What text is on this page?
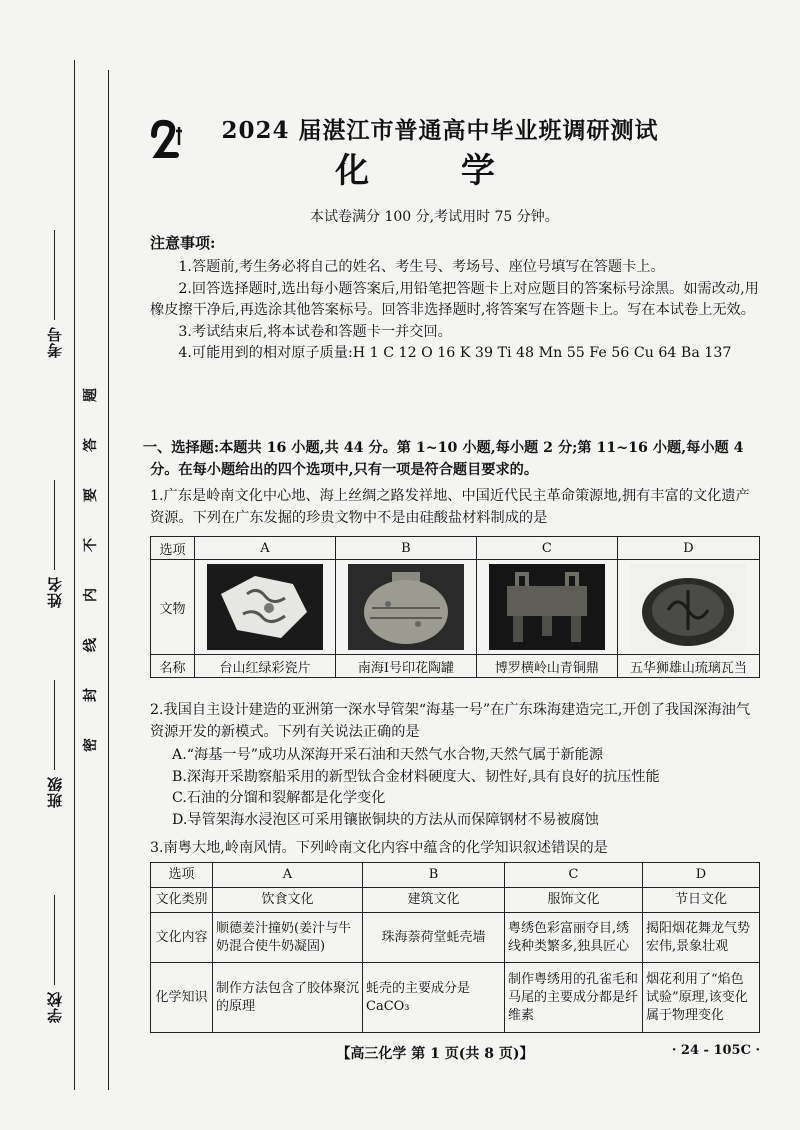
考号
姓名
班级
学校
题
答
要
不
内
线
封
密
2024 届湛江市普通高中毕业班调研测试
化 学
本试卷满分 100 分,考试用时 75 分钟。
注意事项:

1.答题前,考生务必将自己的姓名、考生号、考场号、座位号填写在答题卡上。

2.回答选择题时,选出每小题答案后,用铅笔把答题卡上对应题目的答案标号涂黑。如需改动,用橡皮擦干净后,再选涂其他答案标号。回答非选择题时,将答案写在答题卡上。写在本试卷上无效。

3.考试结束后,将本试卷和答题卡一并交回。

4.可能用到的相对原子质量:H 1 C 12 O 16 K 39 Ti 48 Mn 55 Fe 56 Cu 64 Ba 137

一、选择题:本题共 16 小题,共 44 分。第 1~10 小题,每小题 2 分;第 11~16 小题,每小题 4 分。在每小题给出的四个选项中,只有一项是符合题目要求的。
1.广东是岭南文化中心地、海上丝绸之路发祥地、中国近代民主革命策源地,拥有丰富的文化遗产资源。下列在广东发掘的珍贵文物中不是由硅酸盐材料制成的是
选项	A	B	C	D
文物	

名称	台山红绿彩瓷片	南海Ⅰ号印花陶罐	博罗横岭山青铜鼎	五华狮雄山琉璃瓦当
2.我国自主设计建造的亚洲第一深水导管架“海基一号”在广东珠海建造完工,开创了我国深海油气资源开发的新模式。下列有关说法正确的是
A.“海基一号”成功从深海开采石油和天然气水合物,天然气属于新能源
B.深海开采勘察船采用的新型钛合金材料硬度大、韧性好,具有良好的抗压性能
C.石油的分馏和裂解都是化学变化
D.导管架海水浸泡区可采用镶嵌铜块的方法从而保障钢材不易被腐蚀
3.南粤大地,岭南风情。下列岭南文化内容中蕴含的化学知识叙述错误的是
选项	A	B	C	D
文化类别	饮食文化	建筑文化	服饰文化	节日文化
文化内容	顺德姜汁撞奶(姜汁与牛奶混合使牛奶凝固)	珠海萘荷堂蚝壳墙	粤绣色彩富丽夺目,绣线种类繁多,独具匠心	揭阳烟花舞龙气势宏伟,景象壮观
化学知识	制作方法包含了胶体聚沉的原理	蚝壳的主要成分是CaCO₃	制作粤绣用的孔雀毛和马尾的主要成分都是纤维素	烟花利用了“焰色试验”原理,该变化属于物理变化
【高三化学 第 1 页(共 8 页)】	· 24 - 105C ·
